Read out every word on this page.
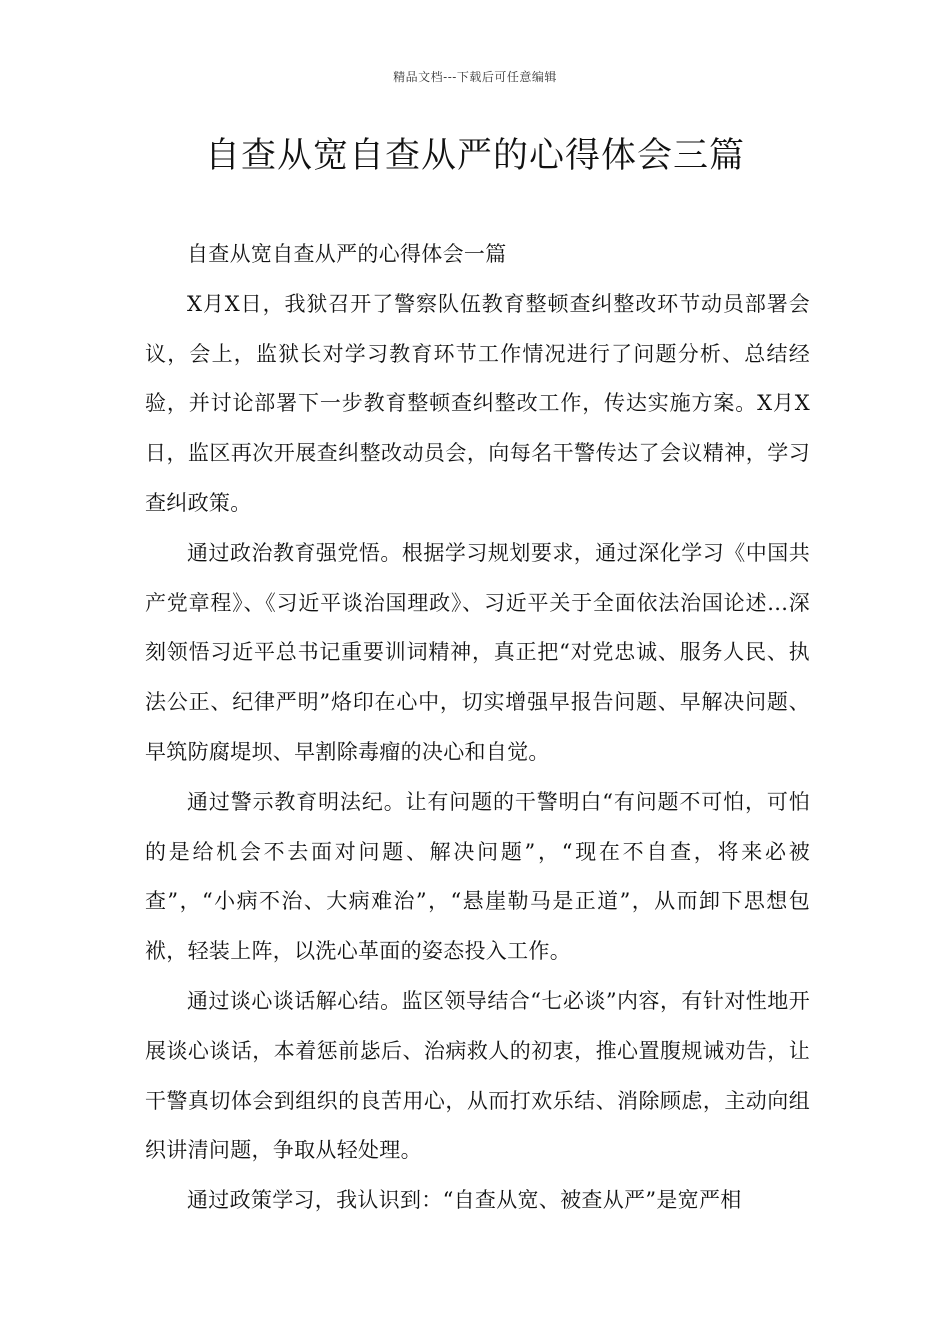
精品文档---下载后可任意编辑
自查从宽自查从严的心得体会三篇

自查从宽自查从严的心得体会一篇

X月X日，我狱召开了警察队伍教育整顿查纠整改环节动员部署会议，会上，监狱长对学习教育环节工作情况进行了问题分析、总结经验，并讨论部署下一步教育整顿查纠整改工作，传达实施方案。X月X日，监区再次开展查纠整改动员会，向每名干警传达了会议精神，学习查纠政策。

通过政治教育强党悟。根据学习规划要求，通过深化学习《中国共产党章程》、《习近平谈治国理政》、习近平关于全面依法治国论述...深刻领悟习近平总书记重要训词精神，真正把“对党忠诚、服务人民、执法公正、纪律严明”烙印在心中，切实增强早报告问题、早解决问题、早筑防腐堤坝、早割除毒瘤的决心和自觉。

通过警示教育明法纪。让有问题的干警明白“有问题不可怕，可怕的是给机会不去面对问题、解决问题”，“现在不自查，将来必被查”，“小病不治、大病难治”，“悬崖勒马是正道”，从而卸下思想包袱，轻装上阵，以洗心革面的姿态投入工作。

通过谈心谈话解心结。监区领导结合“七必谈”内容，有针对性地开展谈心谈话，本着惩前毖后、治病救人的初衷，推心置腹规诫劝告，让干警真切体会到组织的良苦用心，从而打欢乐结、消除顾虑，主动向组织讲清问题，争取从轻处理。

通过政策学习，我认识到：“自查从宽、被查从严”是宽严相
